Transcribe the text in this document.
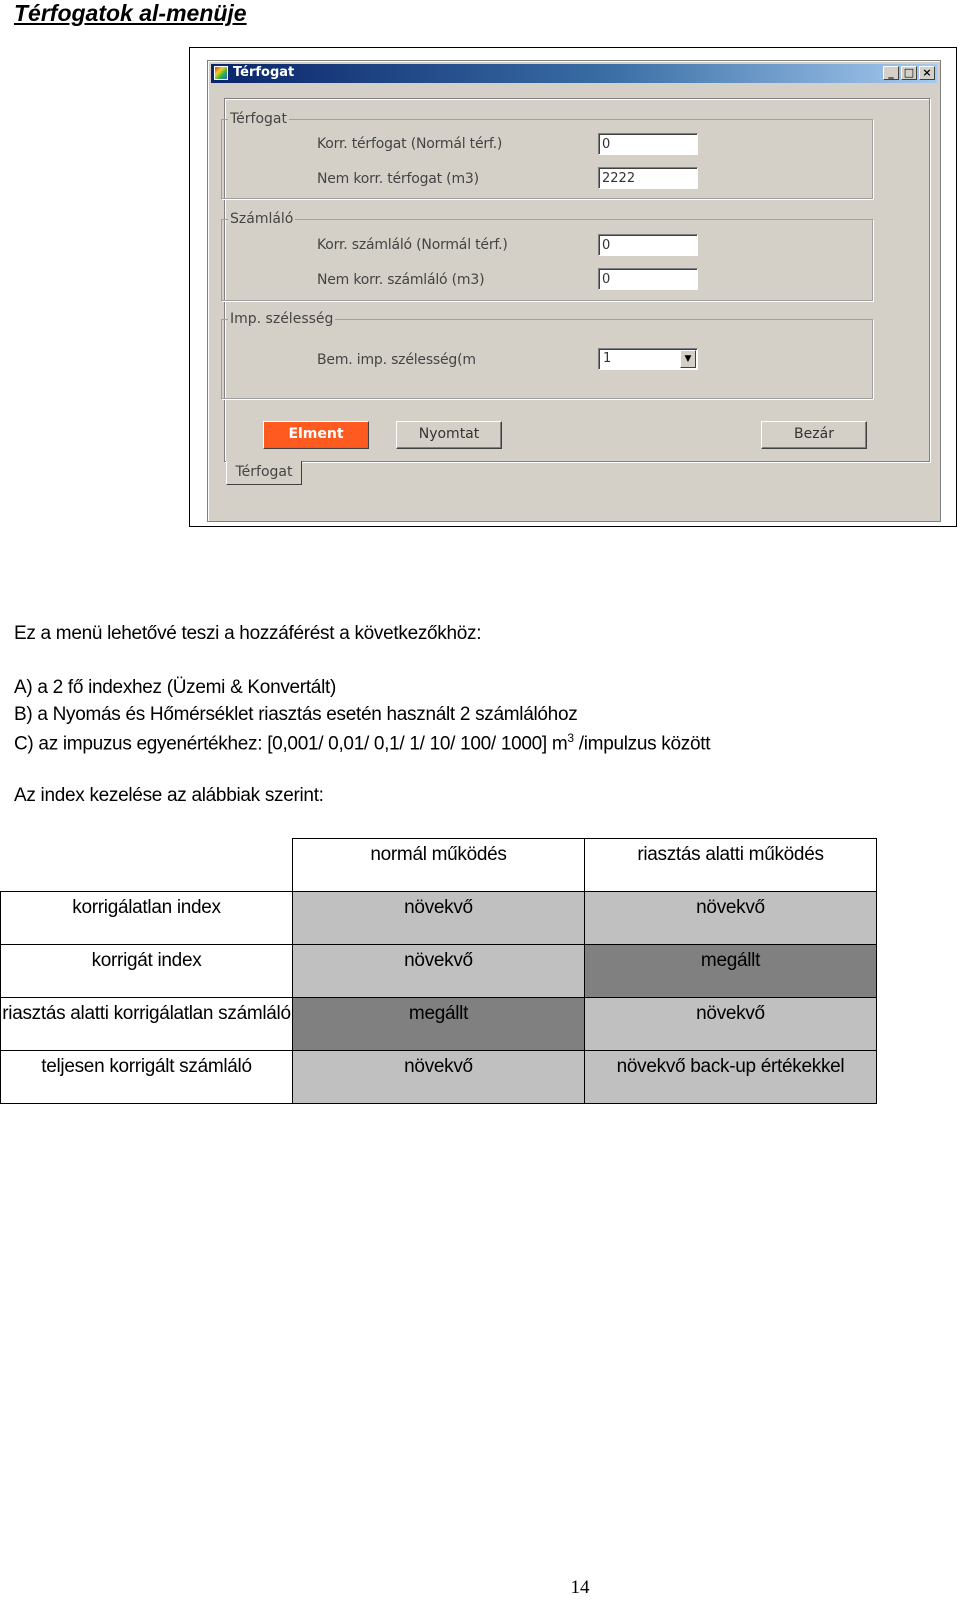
Térfogatok al-menüje
Térfogat	_ □ ×
Térfogat
Korr. térfogat (Normál térf.)
0
Nem korr. térfogat (m3)
2222
Számláló
Korr. számláló (Normál térf.)
0
Nem korr. számláló (m3)
0
Imp. szélesség
Bem. imp. szélesség(m	1	▼
Elment	Nyomtat	Bezár
Térfogat

Ez a menü lehetővé teszi a hozzáférést a következőkhöz:

A) a 2 fő indexhez (Üzemi & Konvertált)

B) a Nyomás és Hőmérséklet riasztás esetén használt 2 számlálóhoz

C) az impuzus egyenértékhez: [0,001/ 0,01/ 0,1/ 1/ 10/ 100/ 1000] $m^3$ /impulzus között

Az index kezelése az alábbiak szerint:

	normál működés	riasztás alatti működés

korrigálatlan index	növekvő	növekvő

korrigát index	növekvő	megállt

riasztás alatti korrigálatlan számláló	megállt	növekvő

teljesen korrigált számláló	növekvő	növekvő back-up értékekkel
14
